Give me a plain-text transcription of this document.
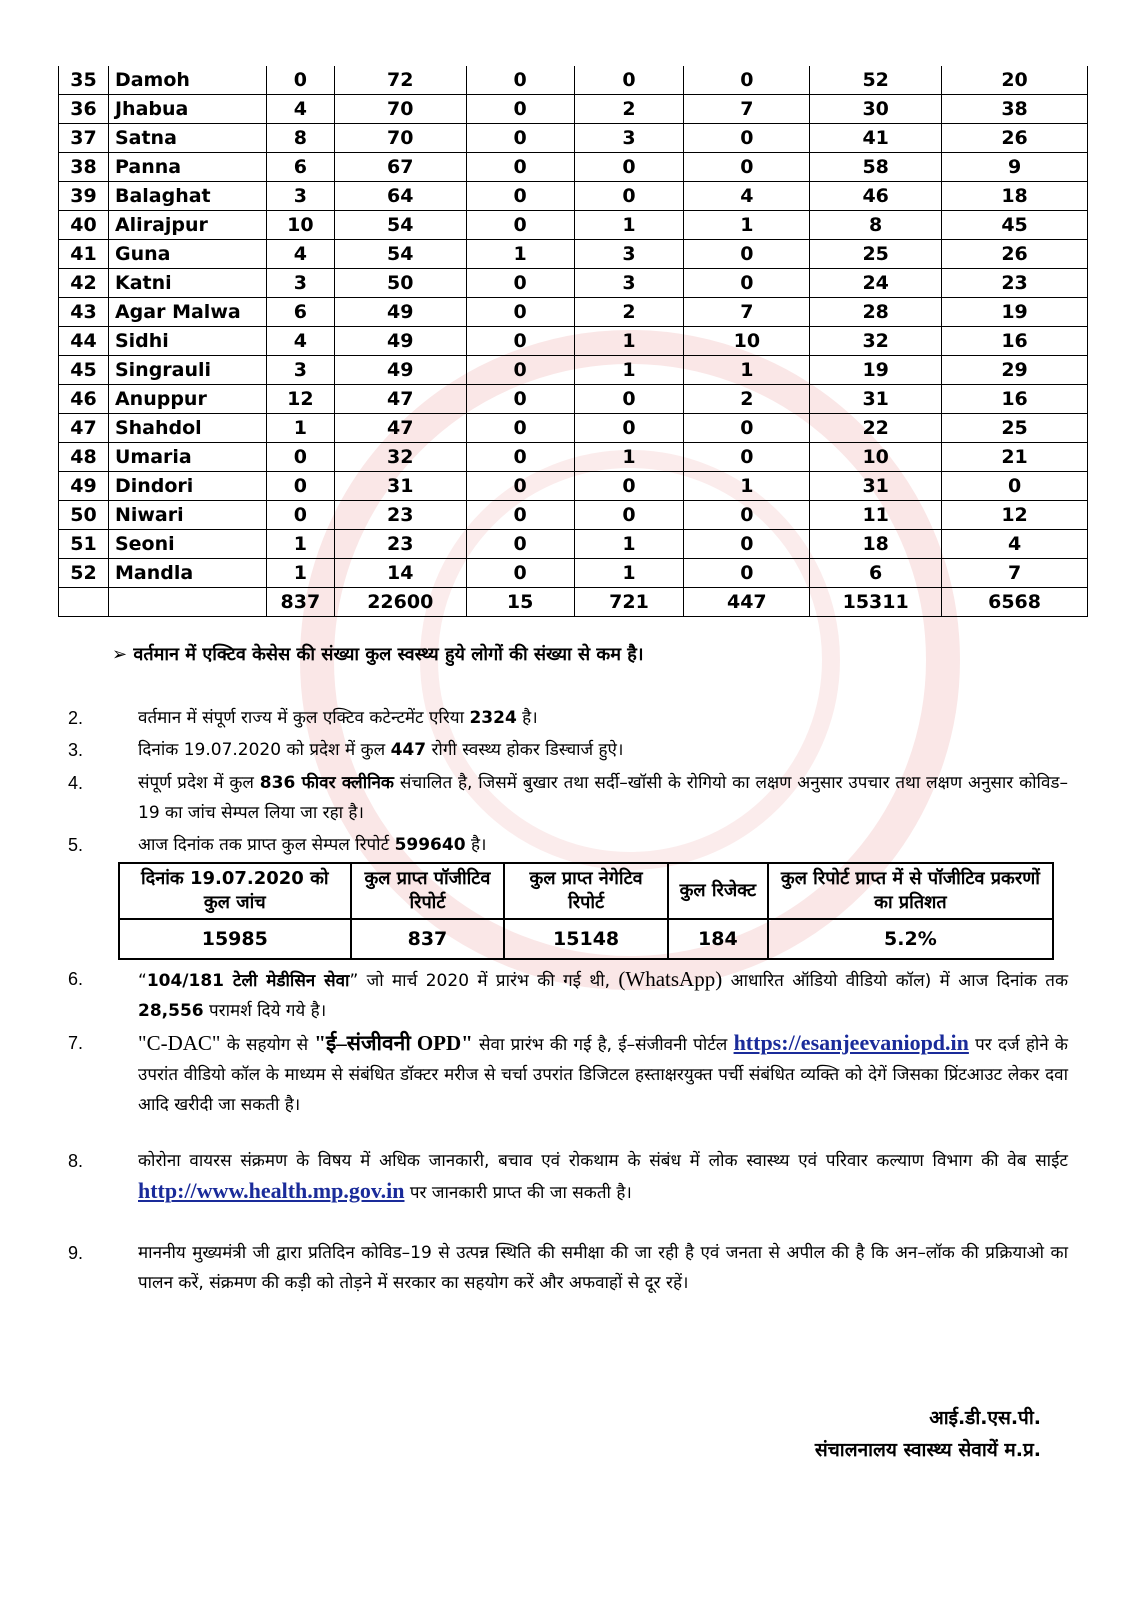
35	Damoh	0	72	0	0	0	52	20
36	Jhabua	4	70	0	2	7	30	38
37	Satna	8	70	0	3	0	41	26
38	Panna	6	67	0	0	0	58	9
39	Balaghat	3	64	0	0	4	46	18
40	Alirajpur	10	54	0	1	1	8	45
41	Guna	4	54	1	3	0	25	26
42	Katni	3	50	0	3	0	24	23
43	Agar Malwa	6	49	0	2	7	28	19
44	Sidhi	4	49	0	1	10	32	16
45	Singrauli	3	49	0	1	1	19	29
46	Anuppur	12	47	0	0	2	31	16
47	Shahdol	1	47	0	0	0	22	25
48	Umaria	0	32	0	1	0	10	21
49	Dindori	0	31	0	0	1	31	0
50	Niwari	0	23	0	0	0	11	12
51	Seoni	1	23	0	1	0	18	4
52	Mandla	1	14	0	1	0	6	7
		837	22600	15	721	447	15311	6568
➢ वर्तमान में एक्टिव केसेस की संख्या कुल स्वस्थ्य हुये लोगों की संख्या से कम है।
2.	वर्तमान में संपूर्ण राज्य में कुल एक्टिव कटेन्टमेंट एरिया 2324 है।
3.	दिनांक 19.07.2020 को प्रदेश में कुल 447 रोगी स्वस्थ्य होकर डिस्चार्ज हुऐ।
4.	संपूर्ण प्रदेश में कुल 836 फीवर क्लीनिक संचालित है, जिसमें बुखार तथा सर्दी–खॉसी के रोगियो का लक्षण अनुसार उपचार तथा लक्षण अनुसार कोविड–19 का जांच सेम्पल लिया जा रहा है।
5.	आज दिनांक तक प्राप्त कुल सेम्पल रिपोर्ट 599640 है।
दिनांक 19.07.2020 को कुल जांच	कुल प्राप्त पॉजीटिव रिपोर्ट	कुल प्राप्त नेगेटिव रिपोर्ट	कुल रिजेक्ट	कुल रिपोर्ट प्राप्त में से पॉजीटिव प्रकरणों का प्रतिशत
15985	837	15148	184	5.2%
6.	“104/181 टेली मेडीसिन सेवा” जो मार्च 2020 में प्रारंभ की गई थी, (WhatsApp) आधारित ऑडियो वीडियो कॉल) में आज दिनांक तक 28,556 परामर्श दिये गये है।
7.	"C-DAC" के सहयोग से "ई–संजीवनी OPD" सेवा प्रारंभ की गई है, ई–संजीवनी पोर्टल https://esanjeevaniopd.in पर दर्ज होने के उपरांत वीडियो कॉल के माध्यम से संबंधित डॉक्टर मरीज से चर्चा उपरांत डिजिटल हस्ताक्षरयुक्त पर्ची संबंधित व्यक्ति को देगें जिसका प्रिंटआउट लेकर दवा आदि खरीदी जा सकती है।
8.	कोरोना वायरस संक्रमण के विषय में अधिक जानकारी, बचाव एवं रोकथाम के संबंध में लोक स्वास्थ्य एवं परिवार कल्याण विभाग की वेब साईट http://www.health.mp.gov.in पर जानकारी प्राप्त की जा सकती है।
9.	माननीय मुख्यमंत्री जी द्वारा प्रतिदिन कोविड–19 से उत्पन्न स्थिति की समीक्षा की जा रही है एवं जनता से अपील की है कि अन–लॉक की प्रक्रियाओ का पालन करें, संक्रमण की कड़ी को तोड़ने में सरकार का सहयोग करें और अफवाहों से दूर रहें।
आई.डी.एस.पी.
संचालनालय स्वास्थ्य सेवायें म.प्र.
